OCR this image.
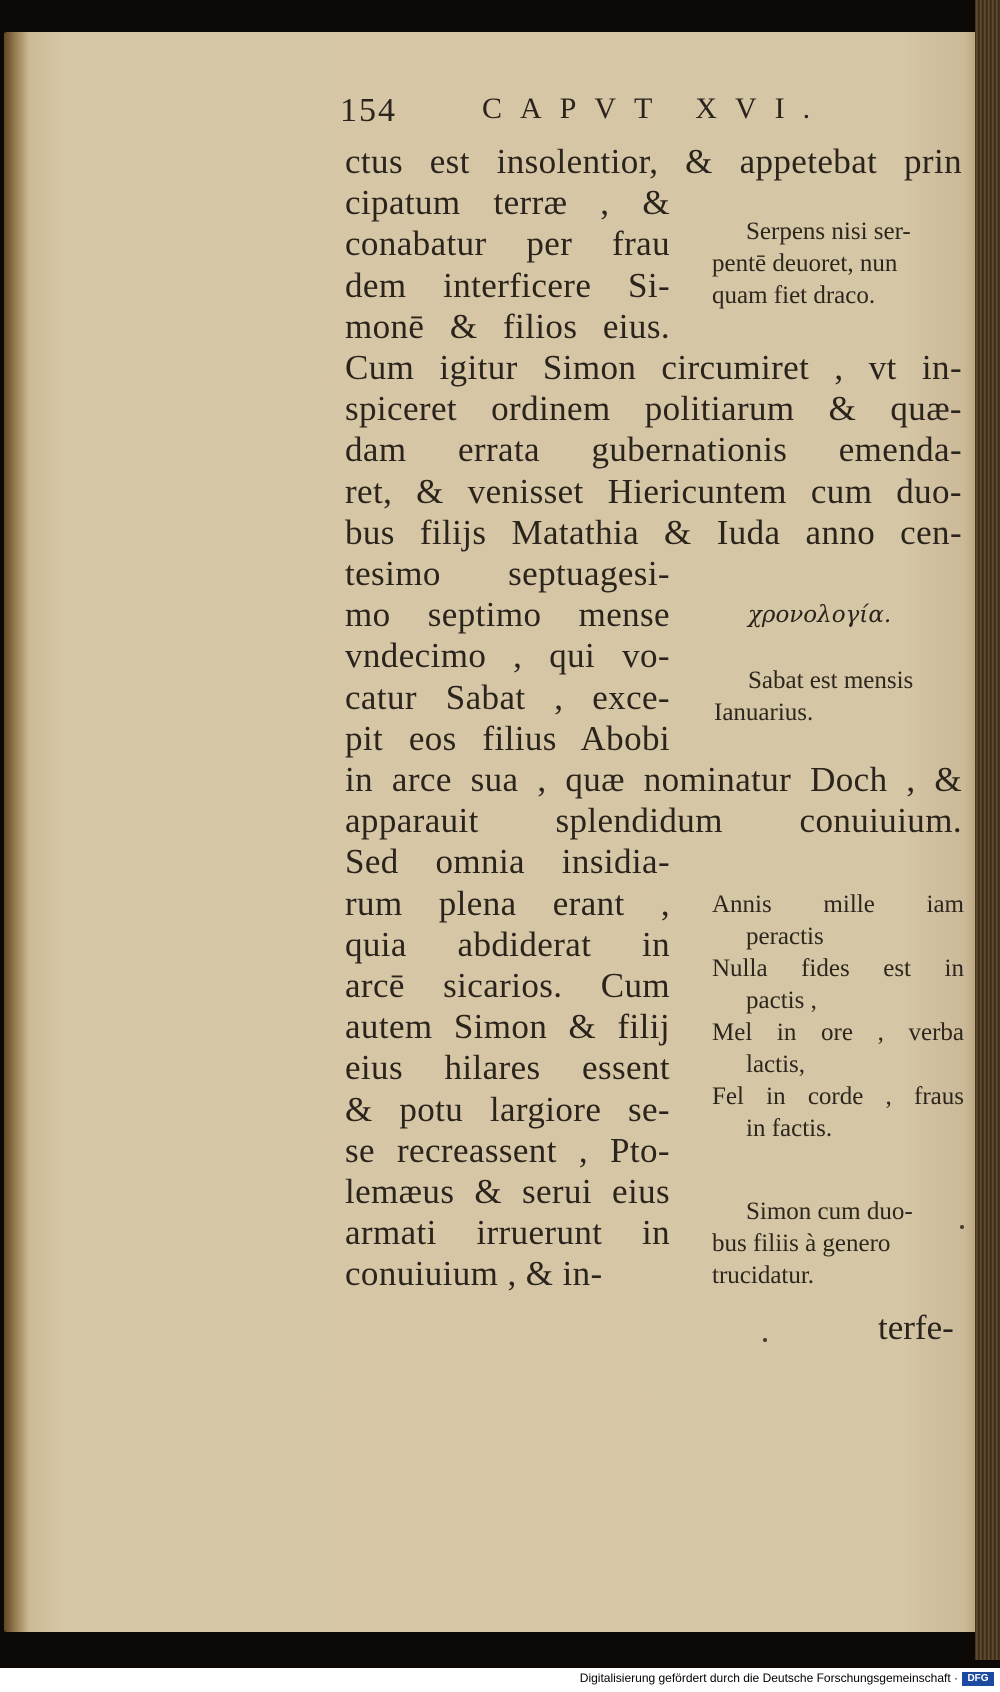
154	CAPVT XVI.
ctus est insolentior, & appetebat prin
cipatum terræ , &
conabatur per frau
dem interficere Si-
monē & filios eius.
Cum igitur Simon circumiret , vt in-
spiceret ordinem politiarum & quæ-
dam errata gubernationis emenda-
ret, & venisset Hiericuntem cum duo-
bus filijs Matathia & Iuda anno cen-
tesimo septuagesi-
mo septimo mense
vndecimo , qui vo-
catur Sabat , exce-
pit eos filius Abobi
in arce sua , quæ nominatur Doch , &
apparauit splendidum conuiuium.
Sed omnia insidia-
rum plena erant ,
quia abdiderat in
arcē sicarios. Cum
autem Simon & filij
eius hilares essent
& potu largiore se-
se recreassent , Pto-
lemæus & serui eius
armati irruerunt in
conuiuium , & in-
Serpens nisi ser-
pentē deuoret, nun
quam fiet draco.
χρονολογία.
Sabat est mensis
Ianuarius.
Annis mille iam
peractis
Nulla fides est in
pactis ,
Mel in ore , verba
lactis,
Fel in corde , fraus
in factis.
Simon cum duo-
bus filiis à genero
trucidatur.
terfe-
Digitalisierung gefördert durch die Deutsche Forschungsgemeinschaft · DFG
